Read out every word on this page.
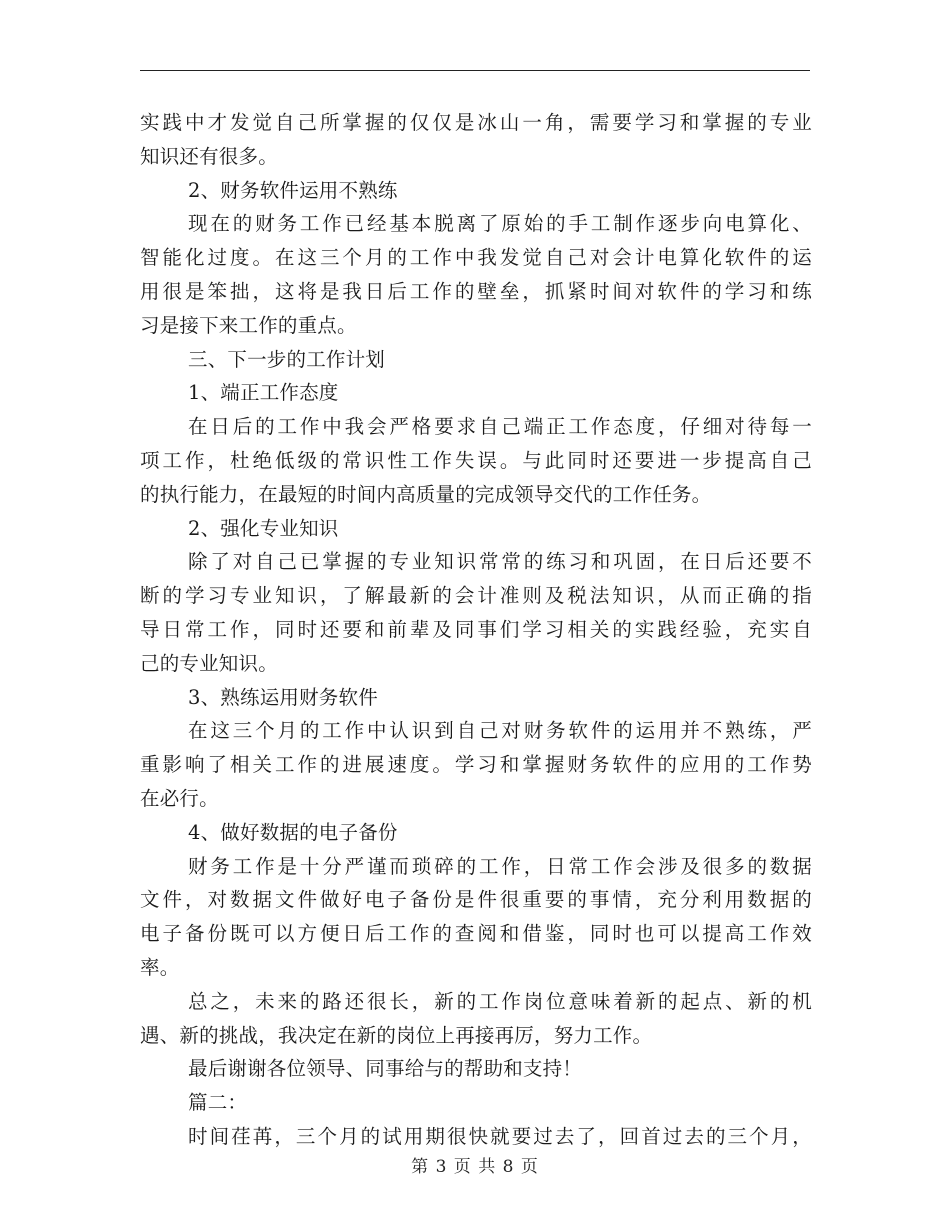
实践中才发觉自己所掌握的仅仅是冰山一角，需要学习和掌握的专业
知识还有很多。
2、财务软件运用不熟练
现在的财务工作已经基本脱离了原始的手工制作逐步向电算化、
智能化过度。在这三个月的工作中我发觉自己对会计电算化软件的运
用很是笨拙，这将是我日后工作的壁垒，抓紧时间对软件的学习和练
习是接下来工作的重点。
三、下一步的工作计划
1、端正工作态度
在日后的工作中我会严格要求自己端正工作态度，仔细对待每一
项工作，杜绝低级的常识性工作失误。与此同时还要进一步提高自己
的执行能力，在最短的时间内高质量的完成领导交代的工作任务。
2、强化专业知识
除了对自己已掌握的专业知识常常的练习和巩固，在日后还要不
断的学习专业知识，了解最新的会计准则及税法知识，从而正确的指
导日常工作，同时还要和前辈及同事们学习相关的实践经验，充实自
己的专业知识。
3、熟练运用财务软件
在这三个月的工作中认识到自己对财务软件的运用并不熟练，严
重影响了相关工作的进展速度。学习和掌握财务软件的应用的工作势
在必行。
4、做好数据的电子备份
财务工作是十分严谨而琐碎的工作，日常工作会涉及很多的数据
文件，对数据文件做好电子备份是件很重要的事情，充分利用数据的
电子备份既可以方便日后工作的查阅和借鉴，同时也可以提高工作效
率。
总之，未来的路还很长，新的工作岗位意味着新的起点、新的机
遇、新的挑战，我决定在新的岗位上再接再厉，努力工作。
最后谢谢各位领导、同事给与的帮助和支持！
篇二：
时间荏苒，三个月的试用期很快就要过去了，回首过去的三个月，
第 3 页 共 8 页
